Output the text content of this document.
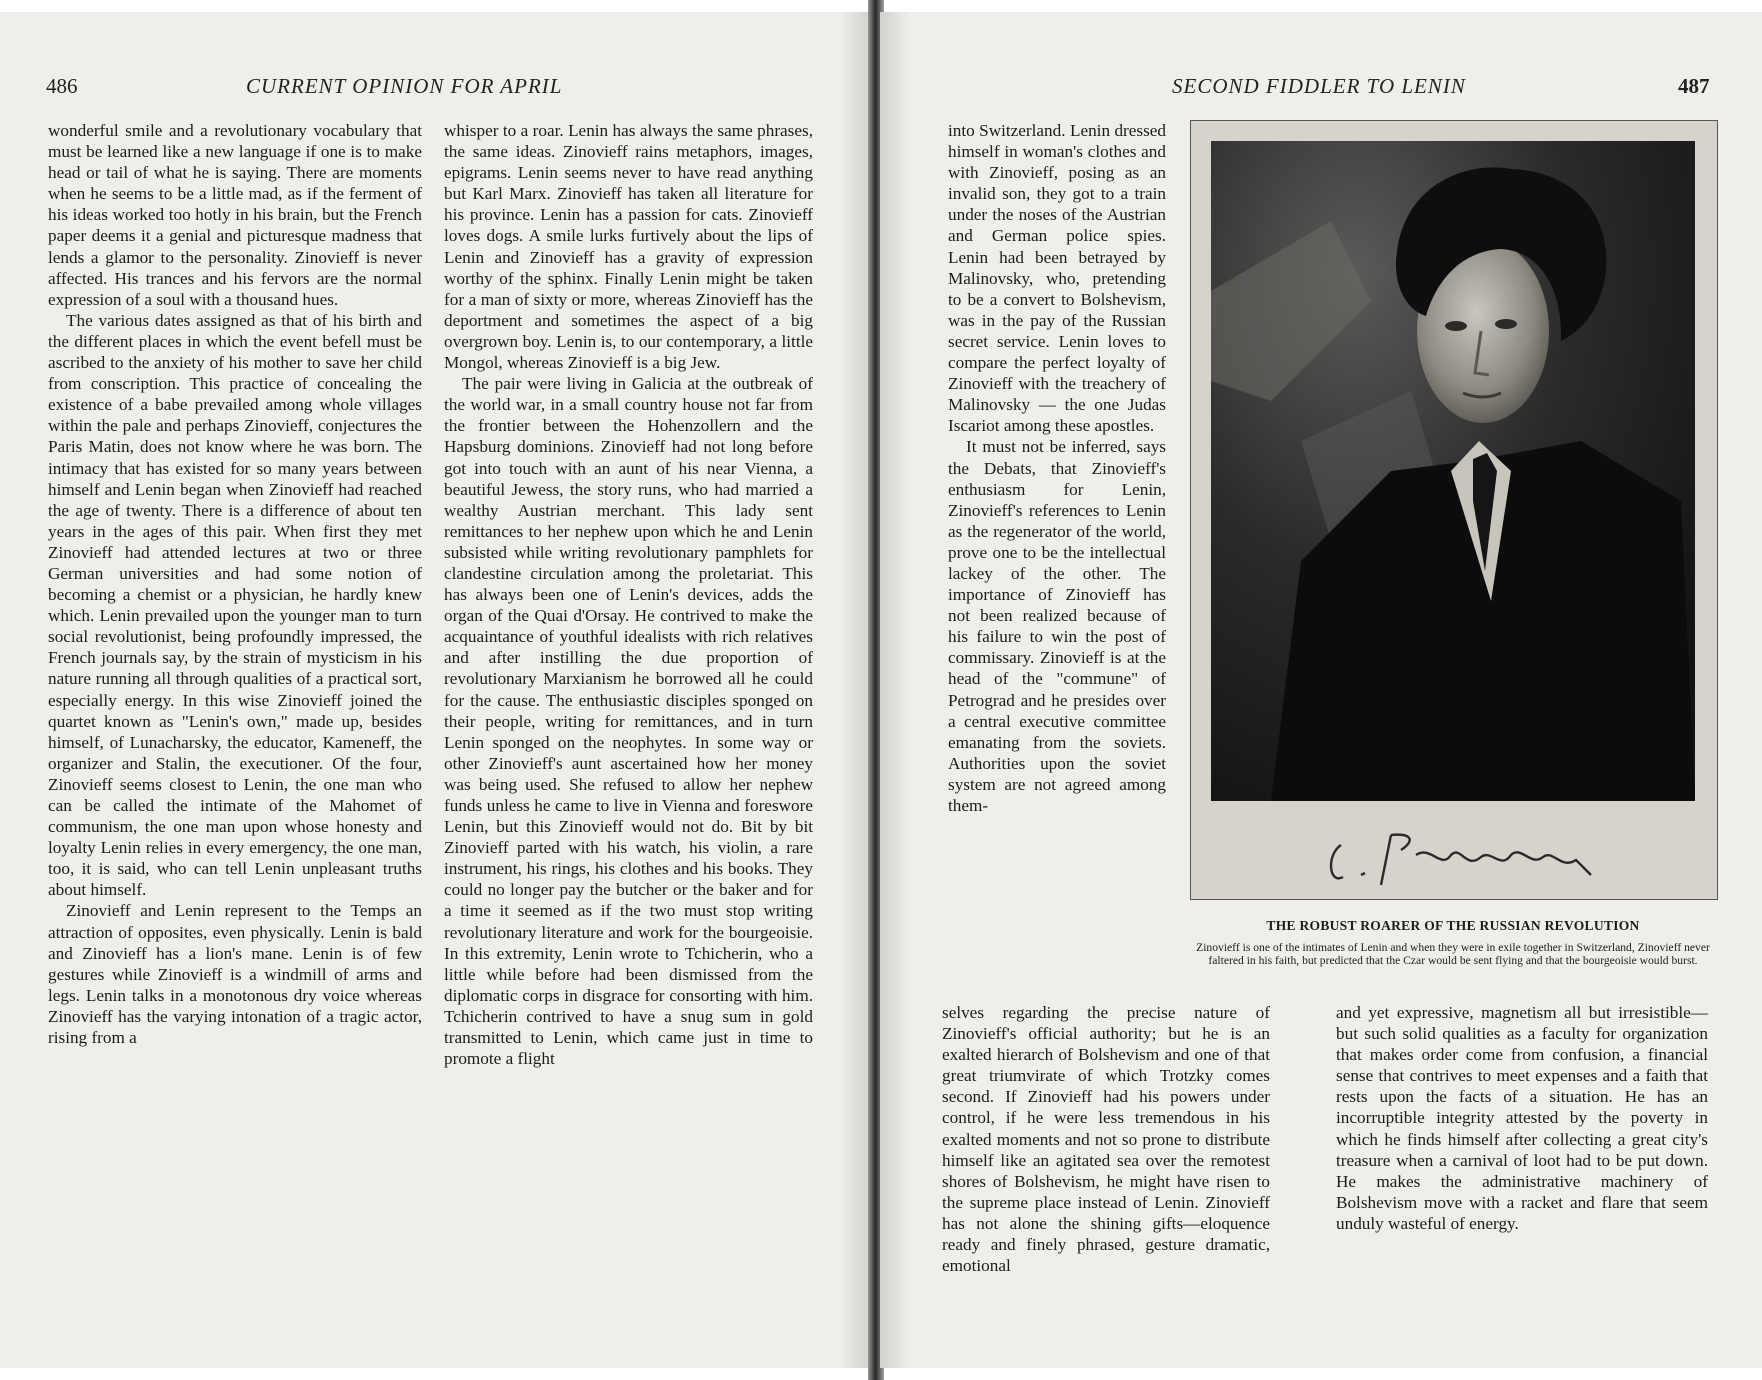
486	CURRENT OPINION FOR APRIL

wonderful smile and a revolutionary vocabulary that must be learned like a new language if one is to make head or tail of what he is saying. There are moments when he seems to be a little mad, as if the ferment of his ideas worked too hotly in his brain, but the French paper deems it a genial and picturesque madness that lends a glamor to the personality. Zinovieff is never affected. His trances and his fervors are the normal expression of a soul with a thousand hues.

The various dates assigned as that of his birth and the different places in which the event befell must be ascribed to the anxiety of his mother to save her child from conscription. This practice of concealing the existence of a babe prevailed among whole villages within the pale and perhaps Zinovieff, conjectures the Paris Matin, does not know where he was born. The intimacy that has existed for so many years between himself and Lenin began when Zinovieff had reached the age of twenty. There is a difference of about ten years in the ages of this pair. When first they met Zinovieff had attended lectures at two or three German universities and had some notion of becoming a chemist or a physician, he hardly knew which. Lenin prevailed upon the younger man to turn social revolutionist, being profoundly impressed, the French journals say, by the strain of mysticism in his nature running all through qualities of a practical sort, especially energy. In this wise Zinovieff joined the quartet known as "Lenin's own," made up, besides himself, of Lunacharsky, the educator, Kameneff, the organizer and Stalin, the executioner. Of the four, Zinovieff seems closest to Lenin, the one man who can be called the intimate of the Mahomet of communism, the one man upon whose honesty and loyalty Lenin relies in every emergency, the one man, too, it is said, who can tell Lenin unpleasant truths about himself.

Zinovieff and Lenin represent to the Temps an attraction of opposites, even physically. Lenin is bald and Zinovieff has a lion's mane. Lenin is of few gestures while Zinovieff is a windmill of arms and legs. Lenin talks in a monotonous dry voice whereas Zinovieff has the varying intonation of a tragic actor, rising from a

whisper to a roar. Lenin has always the same phrases, the same ideas. Zinovieff rains metaphors, images, epigrams. Lenin seems never to have read anything but Karl Marx. Zinovieff has taken all literature for his province. Lenin has a passion for cats. Zinovieff loves dogs. A smile lurks furtively about the lips of Lenin and Zinovieff has a gravity of expression worthy of the sphinx. Finally Lenin might be taken for a man of sixty or more, whereas Zinovieff has the deportment and sometimes the aspect of a big overgrown boy. Lenin is, to our contemporary, a little Mongol, whereas Zinovieff is a big Jew.

The pair were living in Galicia at the outbreak of the world war, in a small country house not far from the frontier between the Hohenzollern and the Hapsburg dominions. Zinovieff had not long before got into touch with an aunt of his near Vienna, a beautiful Jewess, the story runs, who had married a wealthy Austrian merchant. This lady sent remittances to her nephew upon which he and Lenin subsisted while writing revolutionary pamphlets for clandestine circulation among the proletariat. This has always been one of Lenin's devices, adds the organ of the Quai d'Orsay. He contrived to make the acquaintance of youthful idealists with rich relatives and after instilling the due proportion of revolutionary Marxianism he borrowed all he could for the cause. The enthusiastic disciples sponged on their people, writing for remittances, and in turn Lenin sponged on the neophytes. In some way or other Zinovieff's aunt ascertained how her money was being used. She refused to allow her nephew funds unless he came to live in Vienna and foreswore Lenin, but this Zinovieff would not do. Bit by bit Zinovieff parted with his watch, his violin, a rare instrument, his rings, his clothes and his books. They could no longer pay the butcher or the baker and for a time it seemed as if the two must stop writing revolutionary literature and work for the bourgeoisie. In this extremity, Lenin wrote to Tchicherin, who a little while before had been dismissed from the diplomatic corps in disgrace for consorting with him. Tchicherin contrived to have a snug sum in gold transmitted to Lenin, which came just in time to promote a flight

SECOND FIDDLER TO LENIN	487

into Switzerland. Lenin dressed himself in woman's clothes and with Zinovieff, posing as an invalid son, they got to a train under the noses of the Austrian and German police spies. Lenin had been betrayed by Malinovsky, who, pretending to be a convert to Bolshevism, was in the pay of the Russian secret service. Lenin loves to compare the perfect loyalty of Zinovieff with the treachery of Malinovsky — the one Judas Iscariot among these apostles.

It must not be inferred, says the Debats, that Zinovieff's enthusiasm for Lenin, Zinovieff's references to Lenin as the regenerator of the world, prove one to be the intellectual lackey of the other. The importance of Zinovieff has not been realized because of his failure to win the post of commissary. Zinovieff is at the head of the "commune" of Petrograd and he presides over a central executive committee emanating from the soviets. Authorities upon the soviet system are not agreed among them-

THE ROBUST ROARER OF THE RUSSIAN REVOLUTION
Zinovieff is one of the intimates of Lenin and when they were in exile together in Switzerland, Zinovieff never faltered in his faith, but predicted that the Czar would be sent flying and that the bourgeoisie would burst.

selves regarding the precise nature of Zinovieff's official authority; but he is an exalted hierarch of Bolshevism and one of that great triumvirate of which Trotzky comes second. If Zinovieff had his powers under control, if he were less tremendous in his exalted moments and not so prone to distribute himself like an agitated sea over the remotest shores of Bolshevism, he might have risen to the supreme place instead of Lenin. Zinovieff has not alone the shining gifts—eloquence ready and finely phrased, gesture dramatic, emotional

and yet expressive, magnetism all but irresistible—but such solid qualities as a faculty for organization that makes order come from confusion, a financial sense that contrives to meet expenses and a faith that rests upon the facts of a situation. He has an incorruptible integrity attested by the poverty in which he finds himself after collecting a great city's treasure when a carnival of loot had to be put down. He makes the administrative machinery of Bolshevism move with a racket and flare that seem unduly wasteful of energy.
